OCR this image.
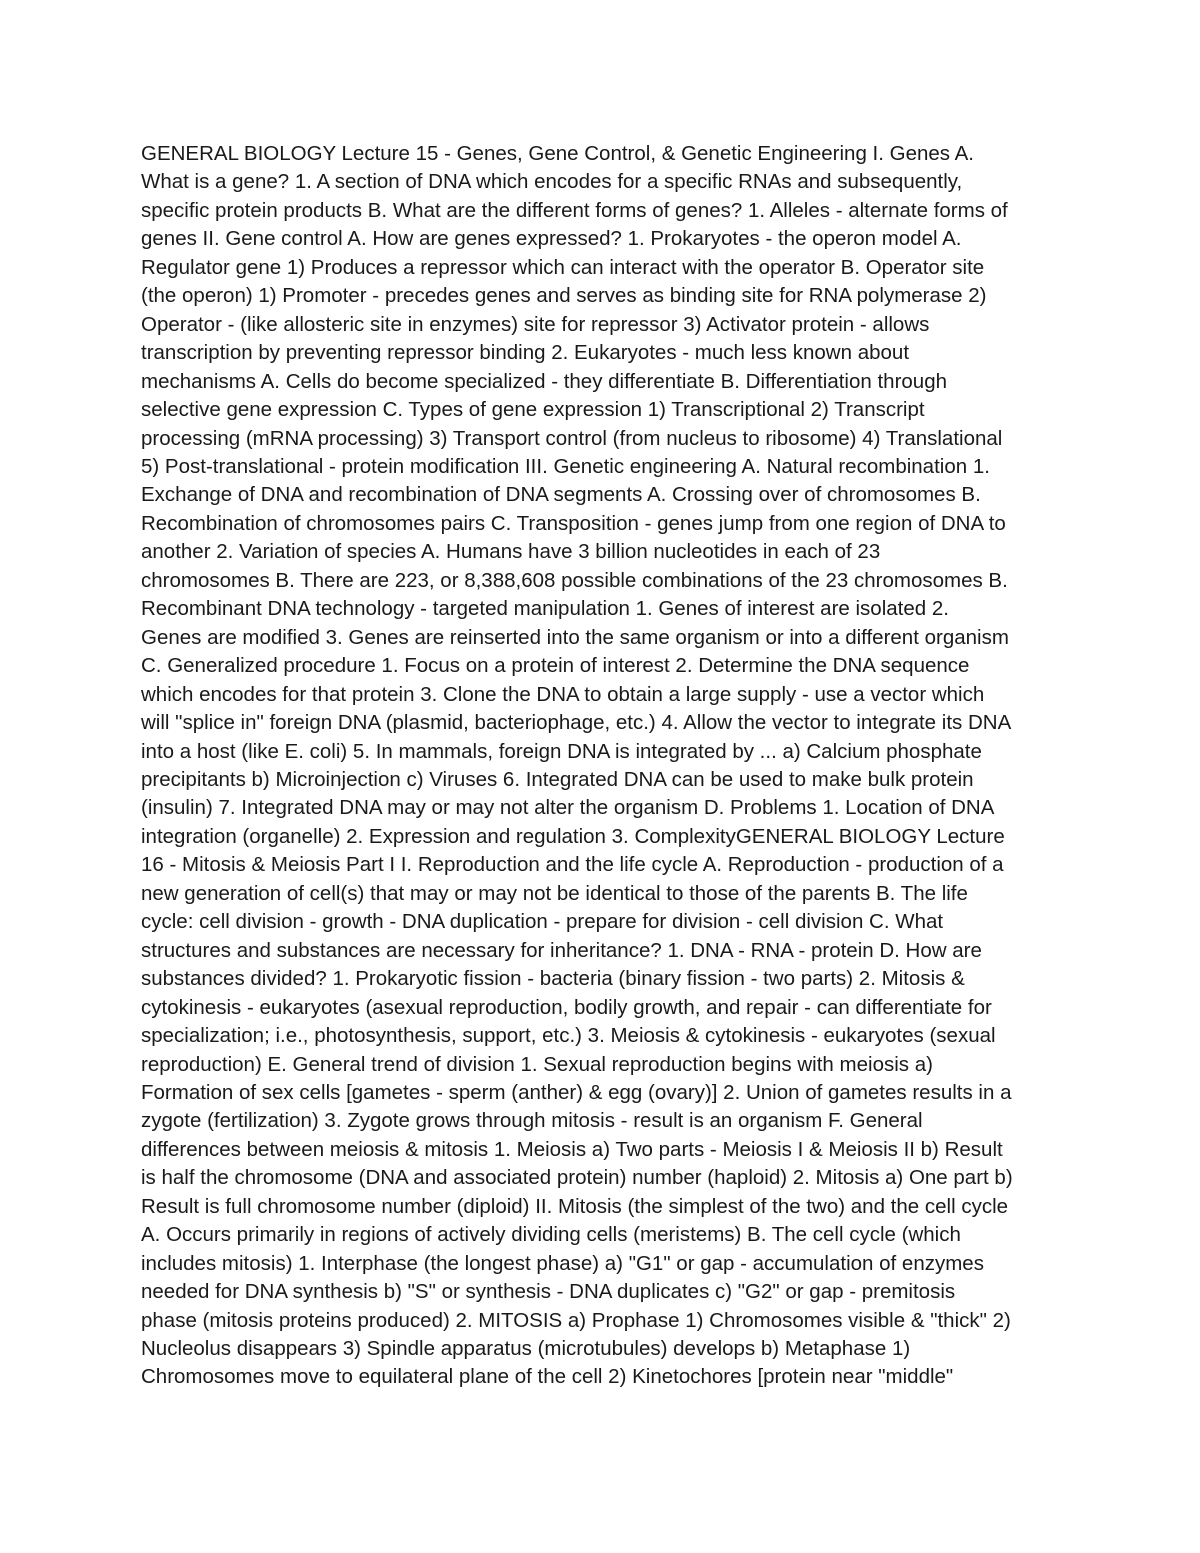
GENERAL BIOLOGY Lecture 15 - Genes, Gene Control, & Genetic Engineering I. Genes A.
What is a gene? 1. A section of DNA which encodes for a specific RNAs and subsequently,
specific protein products B. What are the different forms of genes? 1. Alleles - alternate forms of
genes II. Gene control A. How are genes expressed? 1. Prokaryotes - the operon model A.
Regulator gene 1) Produces a repressor which can interact with the operator B. Operator site
(the operon) 1) Promoter - precedes genes and serves as binding site for RNA polymerase 2)
Operator - (like allosteric site in enzymes) site for repressor 3) Activator protein - allows
transcription by preventing repressor binding 2. Eukaryotes - much less known about
mechanisms A. Cells do become specialized - they differentiate B. Differentiation through
selective gene expression C. Types of gene expression 1) Transcriptional 2) Transcript
processing (mRNA processing) 3) Transport control (from nucleus to ribosome) 4) Translational
5) Post-translational - protein modification III. Genetic engineering A. Natural recombination 1.
Exchange of DNA and recombination of DNA segments A. Crossing over of chromosomes B.
Recombination of chromosomes pairs C. Transposition - genes jump from one region of DNA to
another 2. Variation of species A. Humans have 3 billion nucleotides in each of 23
chromosomes B. There are 223, or 8,388,608 possible combinations of the 23 chromosomes B.
Recombinant DNA technology - targeted manipulation 1. Genes of interest are isolated 2.
Genes are modified 3. Genes are reinserted into the same organism or into a different organism
C. Generalized procedure 1. Focus on a protein of interest 2. Determine the DNA sequence
which encodes for that protein 3. Clone the DNA to obtain a large supply - use a vector which
will "splice in" foreign DNA (plasmid, bacteriophage, etc.) 4. Allow the vector to integrate its DNA
into a host (like E. coli) 5. In mammals, foreign DNA is integrated by ... a) Calcium phosphate
precipitants b) Microinjection c) Viruses 6. Integrated DNA can be used to make bulk protein
(insulin) 7. Integrated DNA may or may not alter the organism D. Problems 1. Location of DNA
integration (organelle) 2. Expression and regulation 3. ComplexityGENERAL BIOLOGY Lecture
16 - Mitosis & Meiosis Part I I. Reproduction and the life cycle A. Reproduction - production of a
new generation of cell(s) that may or may not be identical to those of the parents B. The life
cycle: cell division - growth - DNA duplication - prepare for division - cell division C. What
structures and substances are necessary for inheritance? 1. DNA - RNA - protein D. How are
substances divided? 1. Prokaryotic fission - bacteria (binary fission - two parts) 2. Mitosis &
cytokinesis - eukaryotes (asexual reproduction, bodily growth, and repair - can differentiate for
specialization; i.e., photosynthesis, support, etc.) 3. Meiosis & cytokinesis - eukaryotes (sexual
reproduction) E. General trend of division 1. Sexual reproduction begins with meiosis a)
Formation of sex cells [gametes - sperm (anther) & egg (ovary)] 2. Union of gametes results in a
zygote (fertilization) 3. Zygote grows through mitosis - result is an organism F. General
differences between meiosis & mitosis 1. Meiosis a) Two parts - Meiosis I & Meiosis II b) Result
is half the chromosome (DNA and associated protein) number (haploid) 2. Mitosis a) One part b)
Result is full chromosome number (diploid) II. Mitosis (the simplest of the two) and the cell cycle
A. Occurs primarily in regions of actively dividing cells (meristems) B. The cell cycle (which
includes mitosis) 1. Interphase (the longest phase) a) "G1" or gap - accumulation of enzymes
needed for DNA synthesis b) "S" or synthesis - DNA duplicates c) "G2" or gap - premitosis
phase (mitosis proteins produced) 2. MITOSIS a) Prophase 1) Chromosomes visible & "thick" 2)
Nucleolus disappears 3) Spindle apparatus (microtubules) develops b) Metaphase 1)
Chromosomes move to equilateral plane of the cell 2) Kinetochores [protein near "middle"
